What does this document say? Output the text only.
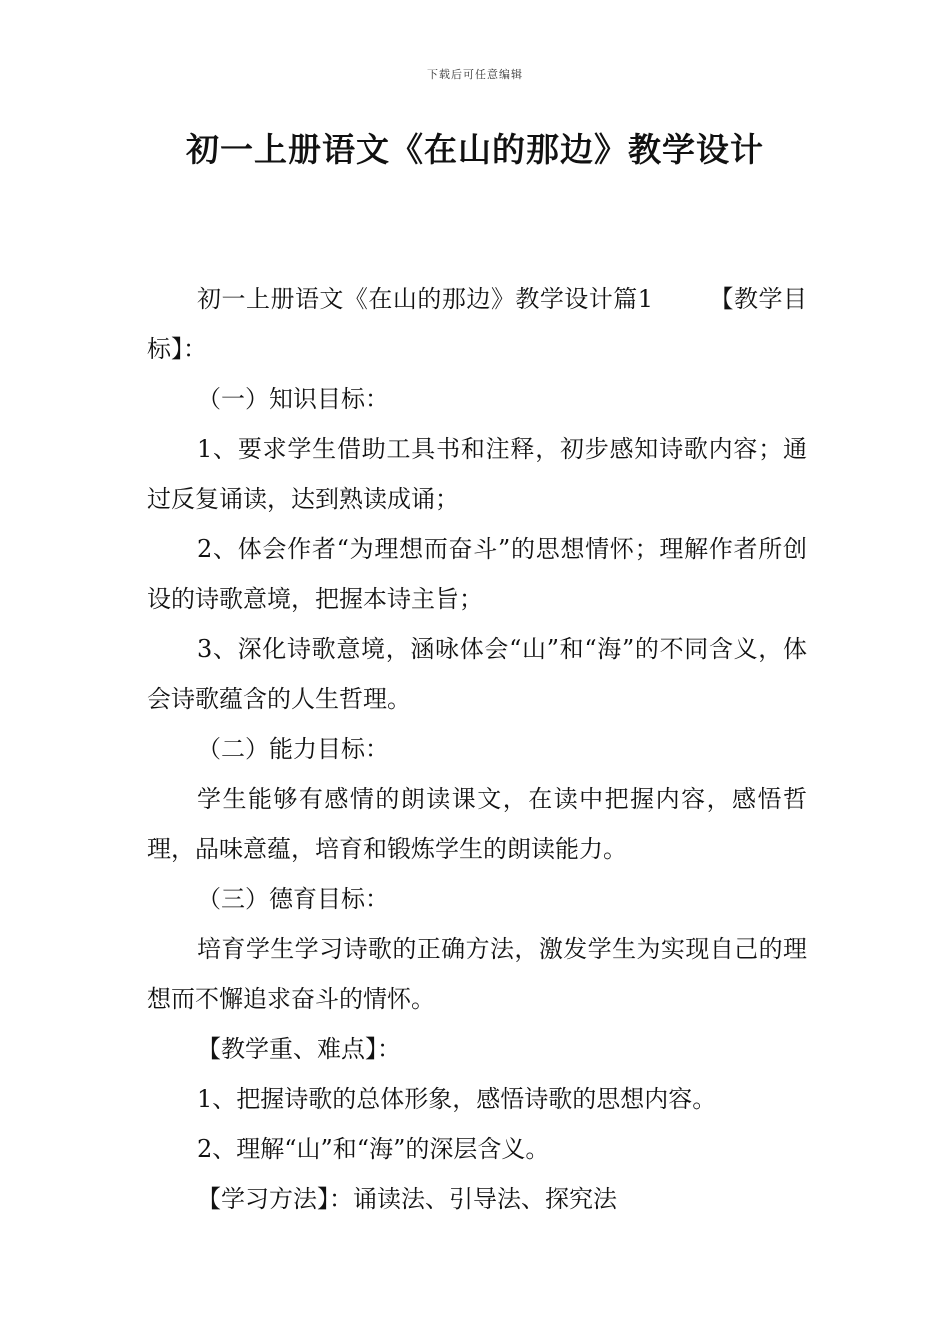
下载后可任意编辑
初一上册语文《在山的那边》教学设计

初一上册语文《在山的那边》教学设计篇1 【教学目标】：

（一）知识目标：

1、要求学生借助工具书和注释，初步感知诗歌内容；通过反复诵读，达到熟读成诵；

2、体会作者“为理想而奋斗”的思想情怀；理解作者所创设的诗歌意境，把握本诗主旨；

3、深化诗歌意境，涵咏体会“山”和“海”的不同含义，体会诗歌蕴含的人生哲理。

（二）能力目标：

学生能够有感情的朗读课文，在读中把握内容，感悟哲理，品味意蕴，培育和锻炼学生的朗读能力。

（三）德育目标：

培育学生学习诗歌的正确方法，激发学生为实现自己的理想而不懈追求奋斗的情怀。

【教学重、难点】：

1、把握诗歌的总体形象，感悟诗歌的思想内容。

2、理解“山”和“海”的深层含义。

【学习方法】：诵读法、引导法、探究法
